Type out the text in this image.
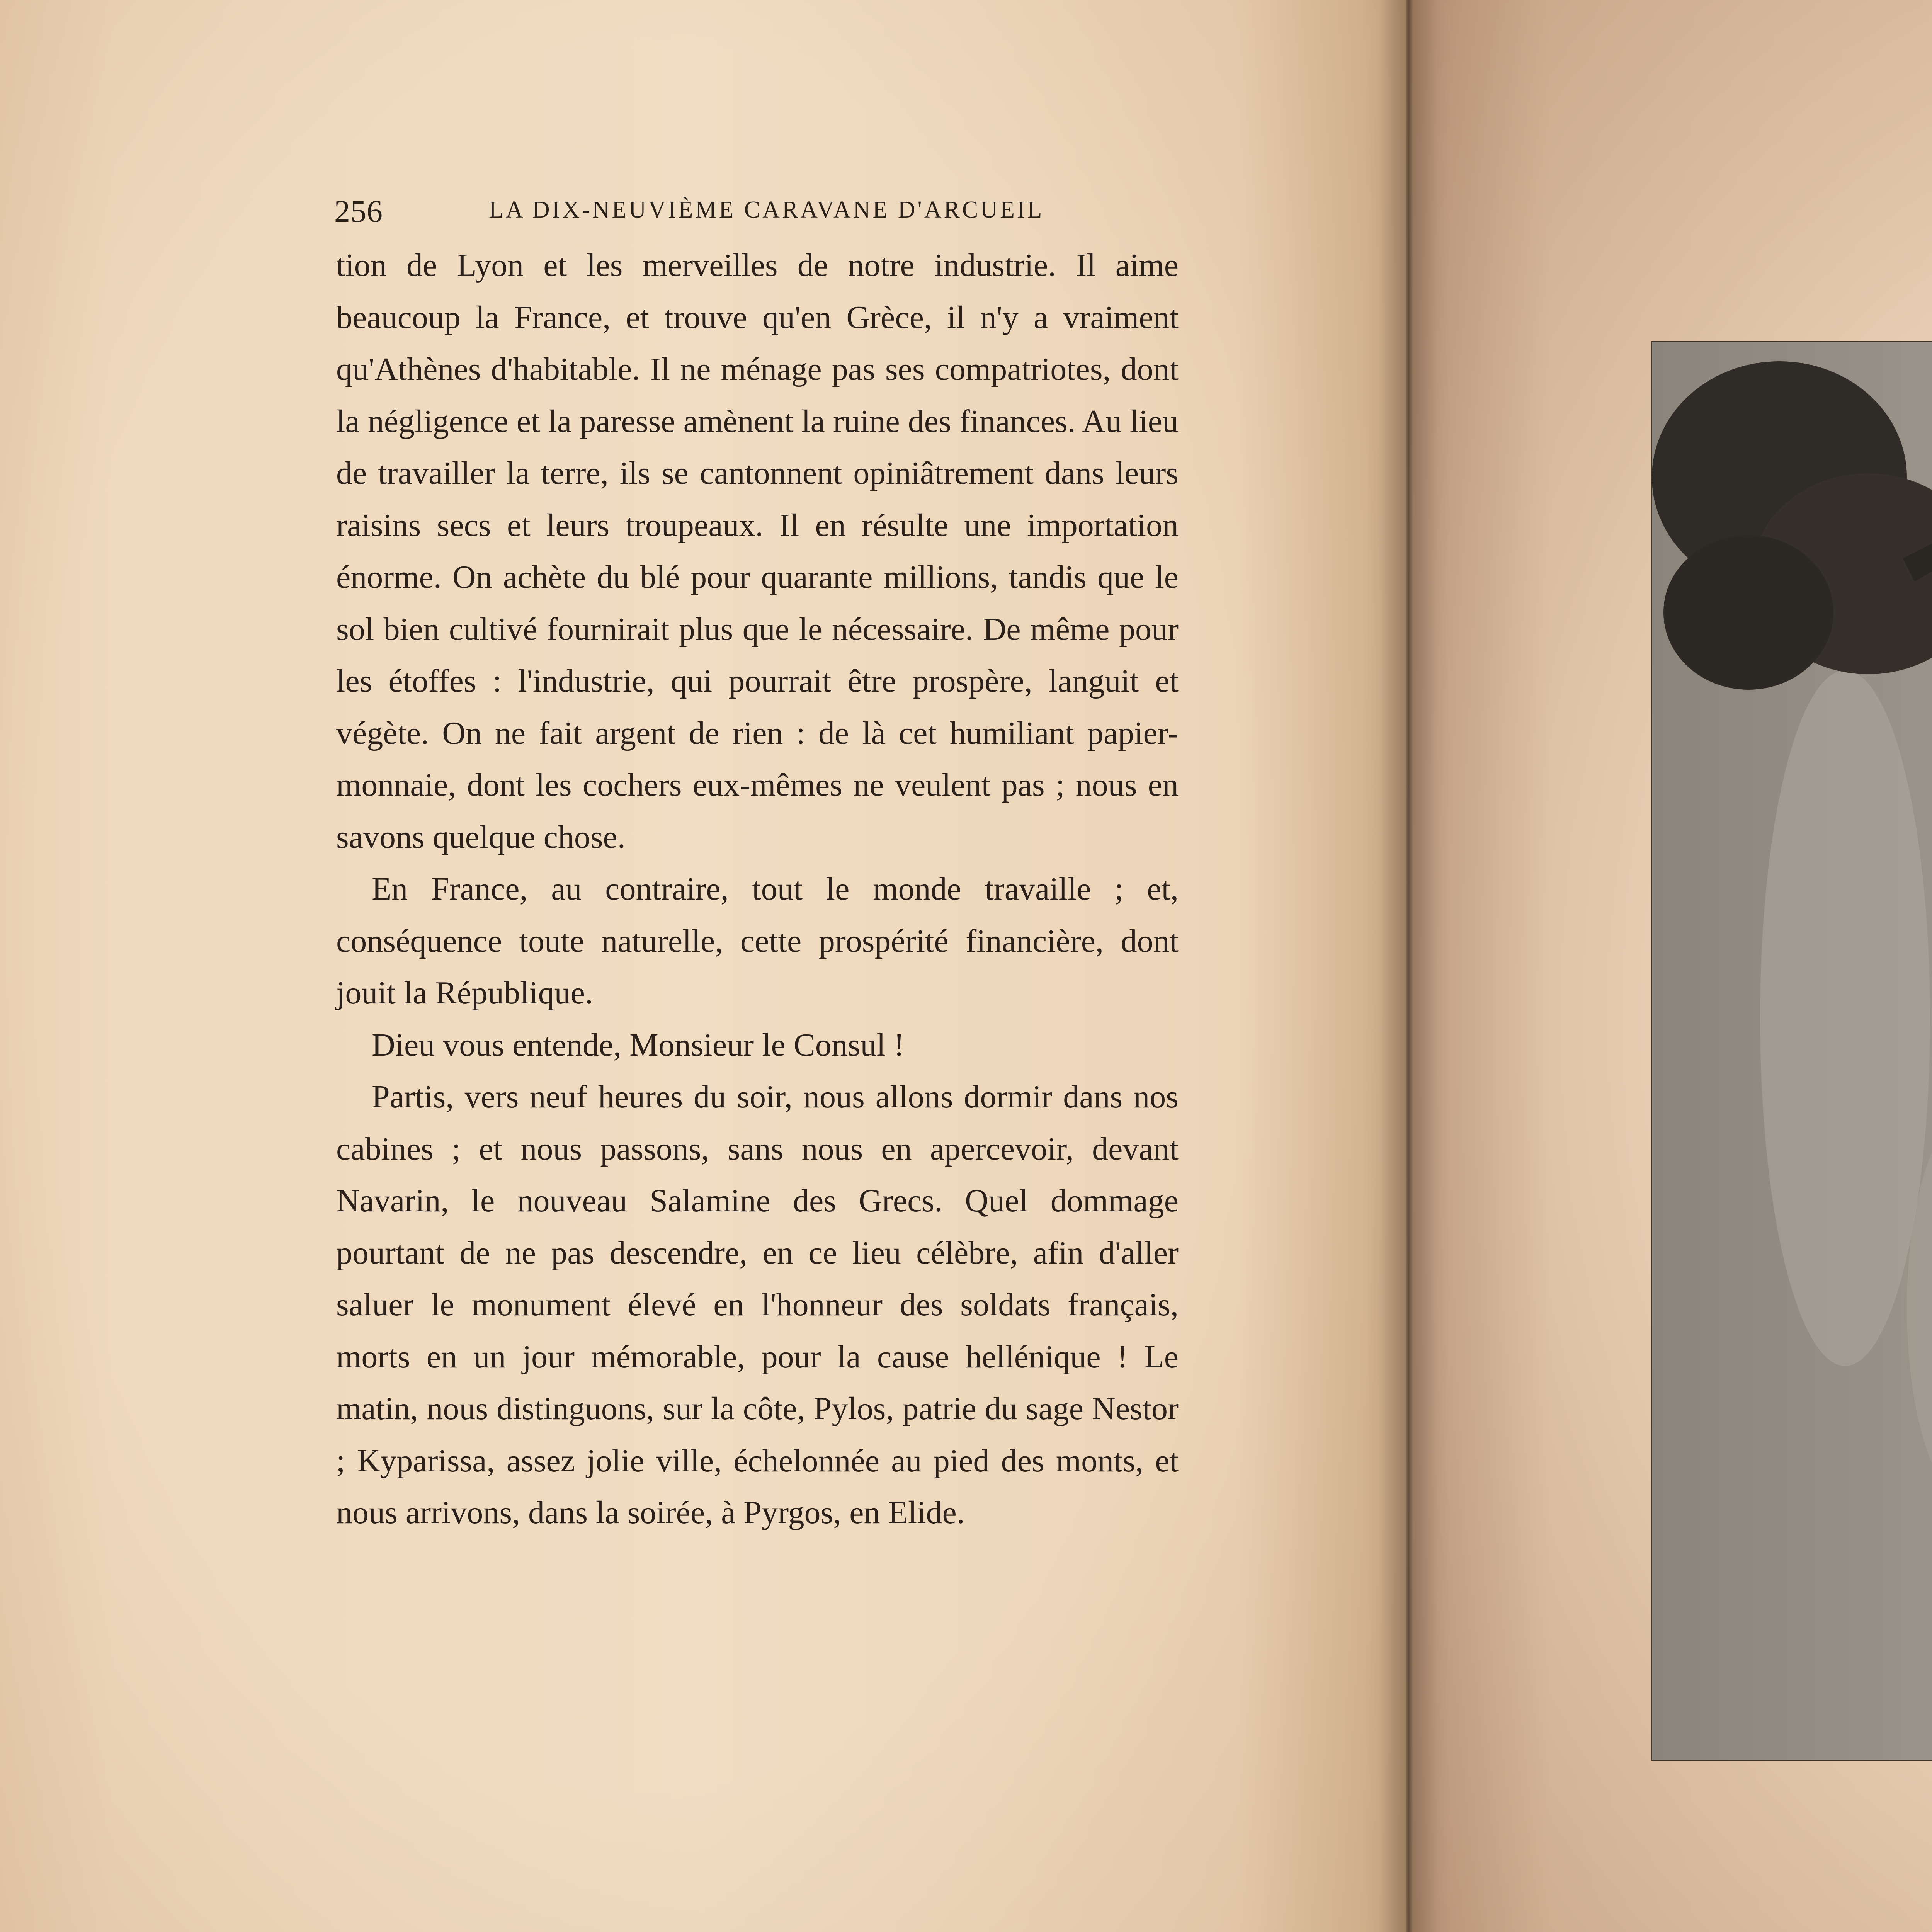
256	LA DIX-NEUVIÈME CARAVANE D'ARCUEIL

tion de Lyon et les merveilles de notre industrie. Il aime beaucoup la France, et trouve qu'en Grèce, il n'y a vraiment qu'Athènes d'habitable. Il ne ménage pas ses compatriotes, dont la négligence et la paresse amènent la ruine des finances. Au lieu de travailler la terre, ils se cantonnent opiniâtrement dans leurs raisins secs et leurs troupeaux. Il en résulte une importation énorme. On achète du blé pour quarante millions, tandis que le sol bien cultivé fournirait plus que le nécessaire. De même pour les étoffes : l'industrie, qui pourrait être prospère, languit et végète. On ne fait argent de rien : de là cet humiliant papier-monnaie, dont les cochers eux-mêmes ne veulent pas ; nous en savons quelque chose.

En France, au contraire, tout le monde travaille ; et, conséquence toute naturelle, cette prospérité financière, dont jouit la République.

Dieu vous entende, Monsieur le Consul !

Partis, vers neuf heures du soir, nous allons dormir dans nos cabines ; et nous passons, sans nous en apercevoir, devant Navarin, le nouveau Salamine des Grecs. Quel dommage pourtant de ne pas descendre, en ce lieu célèbre, afin d'aller saluer le monument élevé en l'honneur des soldats français, morts en un jour mémorable, pour la cause hellénique ! Le matin, nous distinguons, sur la côte, Pylos, patrie du sage Nestor ; Kyparissa, assez jolie ville, échelonnée au pied des monts, et nous arrivons, dans la soirée, à Pyrgos, en Elide.
